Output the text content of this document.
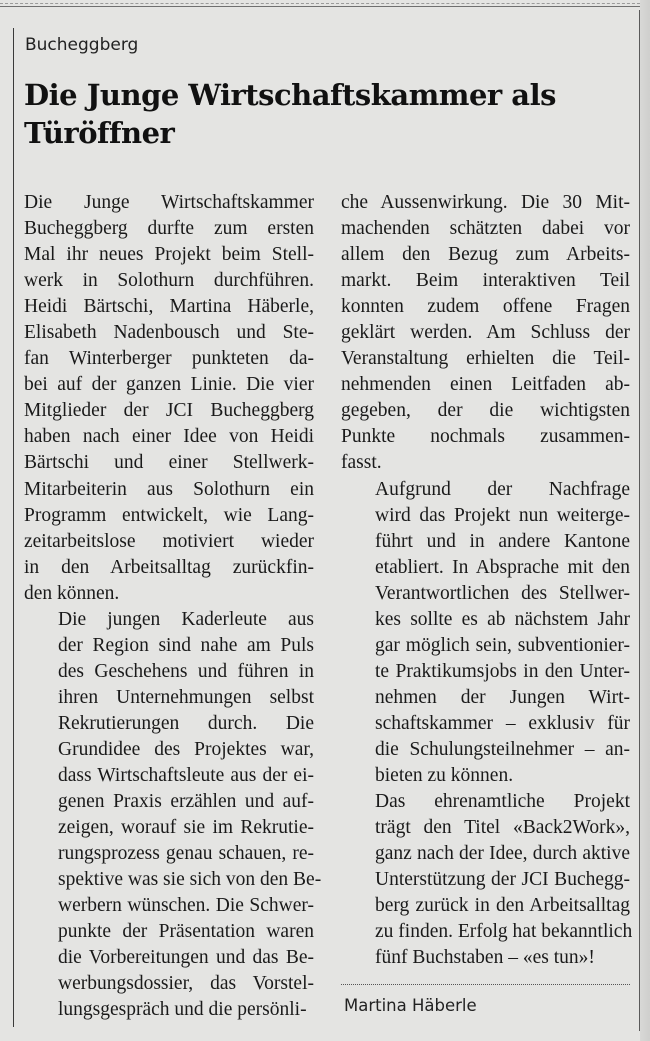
Bucheggberg
Die Junge Wirtschaftskammer als Türöffner

Die Junge Wirtschaftskammer
Bucheggberg durfte zum ersten
Mal ihr neues Projekt beim Stell-
werk in Solothurn durchführen.
Heidi Bärtschi, Martina Häberle,
Elisabeth Nadenbousch und Ste-
fan Winterberger punkteten da-
bei auf der ganzen Linie. Die vier
Mitglieder der JCI Bucheggberg
haben nach einer Idee von Heidi
Bärtschi und einer Stellwerk-
Mitarbeiterin aus Solothurn ein
Programm entwickelt, wie Lang-
zeitarbeitslose motiviert wieder
in den Arbeitsalltag zurückfin-
den können.

Die jungen Kaderleute aus
der Region sind nahe am Puls
des Geschehens und führen in
ihren Unternehmungen selbst
Rekrutierungen durch. Die
Grundidee des Projektes war,
dass Wirtschaftsleute aus der ei-
genen Praxis erzählen und auf-
zeigen, worauf sie im Rekrutie-
rungsprozess genau schauen, re-
spektive was sie sich von den Be-
werbern wünschen. Die Schwer-
punkte der Präsentation waren
die Vorbereitungen und das Be-
werbungsdossier, das Vorstel-
lungsgespräch und die persönli-

che Aussenwirkung. Die 30 Mit-
machenden schätzten dabei vor
allem den Bezug zum Arbeits-
markt. Beim interaktiven Teil
konnten zudem offene Fragen
geklärt werden. Am Schluss der
Veranstaltung erhielten die Teil-
nehmenden einen Leitfaden ab-
gegeben, der die wichtigsten
Punkte nochmals zusammen-
fasst.

Aufgrund der Nachfrage
wird das Projekt nun weiterge-
führt und in andere Kantone
etabliert. In Absprache mit den
Verantwortlichen des Stellwer-
kes sollte es ab nächstem Jahr
gar möglich sein, subventionier-
te Praktikumsjobs in den Unter-
nehmen der Jungen Wirt-
schaftskammer – exklusiv für
die Schulungsteilnehmer – an-
bieten zu können.

Das ehrenamtliche Projekt
trägt den Titel «Back2Work»,
ganz nach der Idee, durch aktive
Unterstützung der JCI Buchegg-
berg zurück in den Arbeitsalltag
zu finden. Erfolg hat bekanntlich
fünf Buchstaben – «es tun»!

Martina Häberle
